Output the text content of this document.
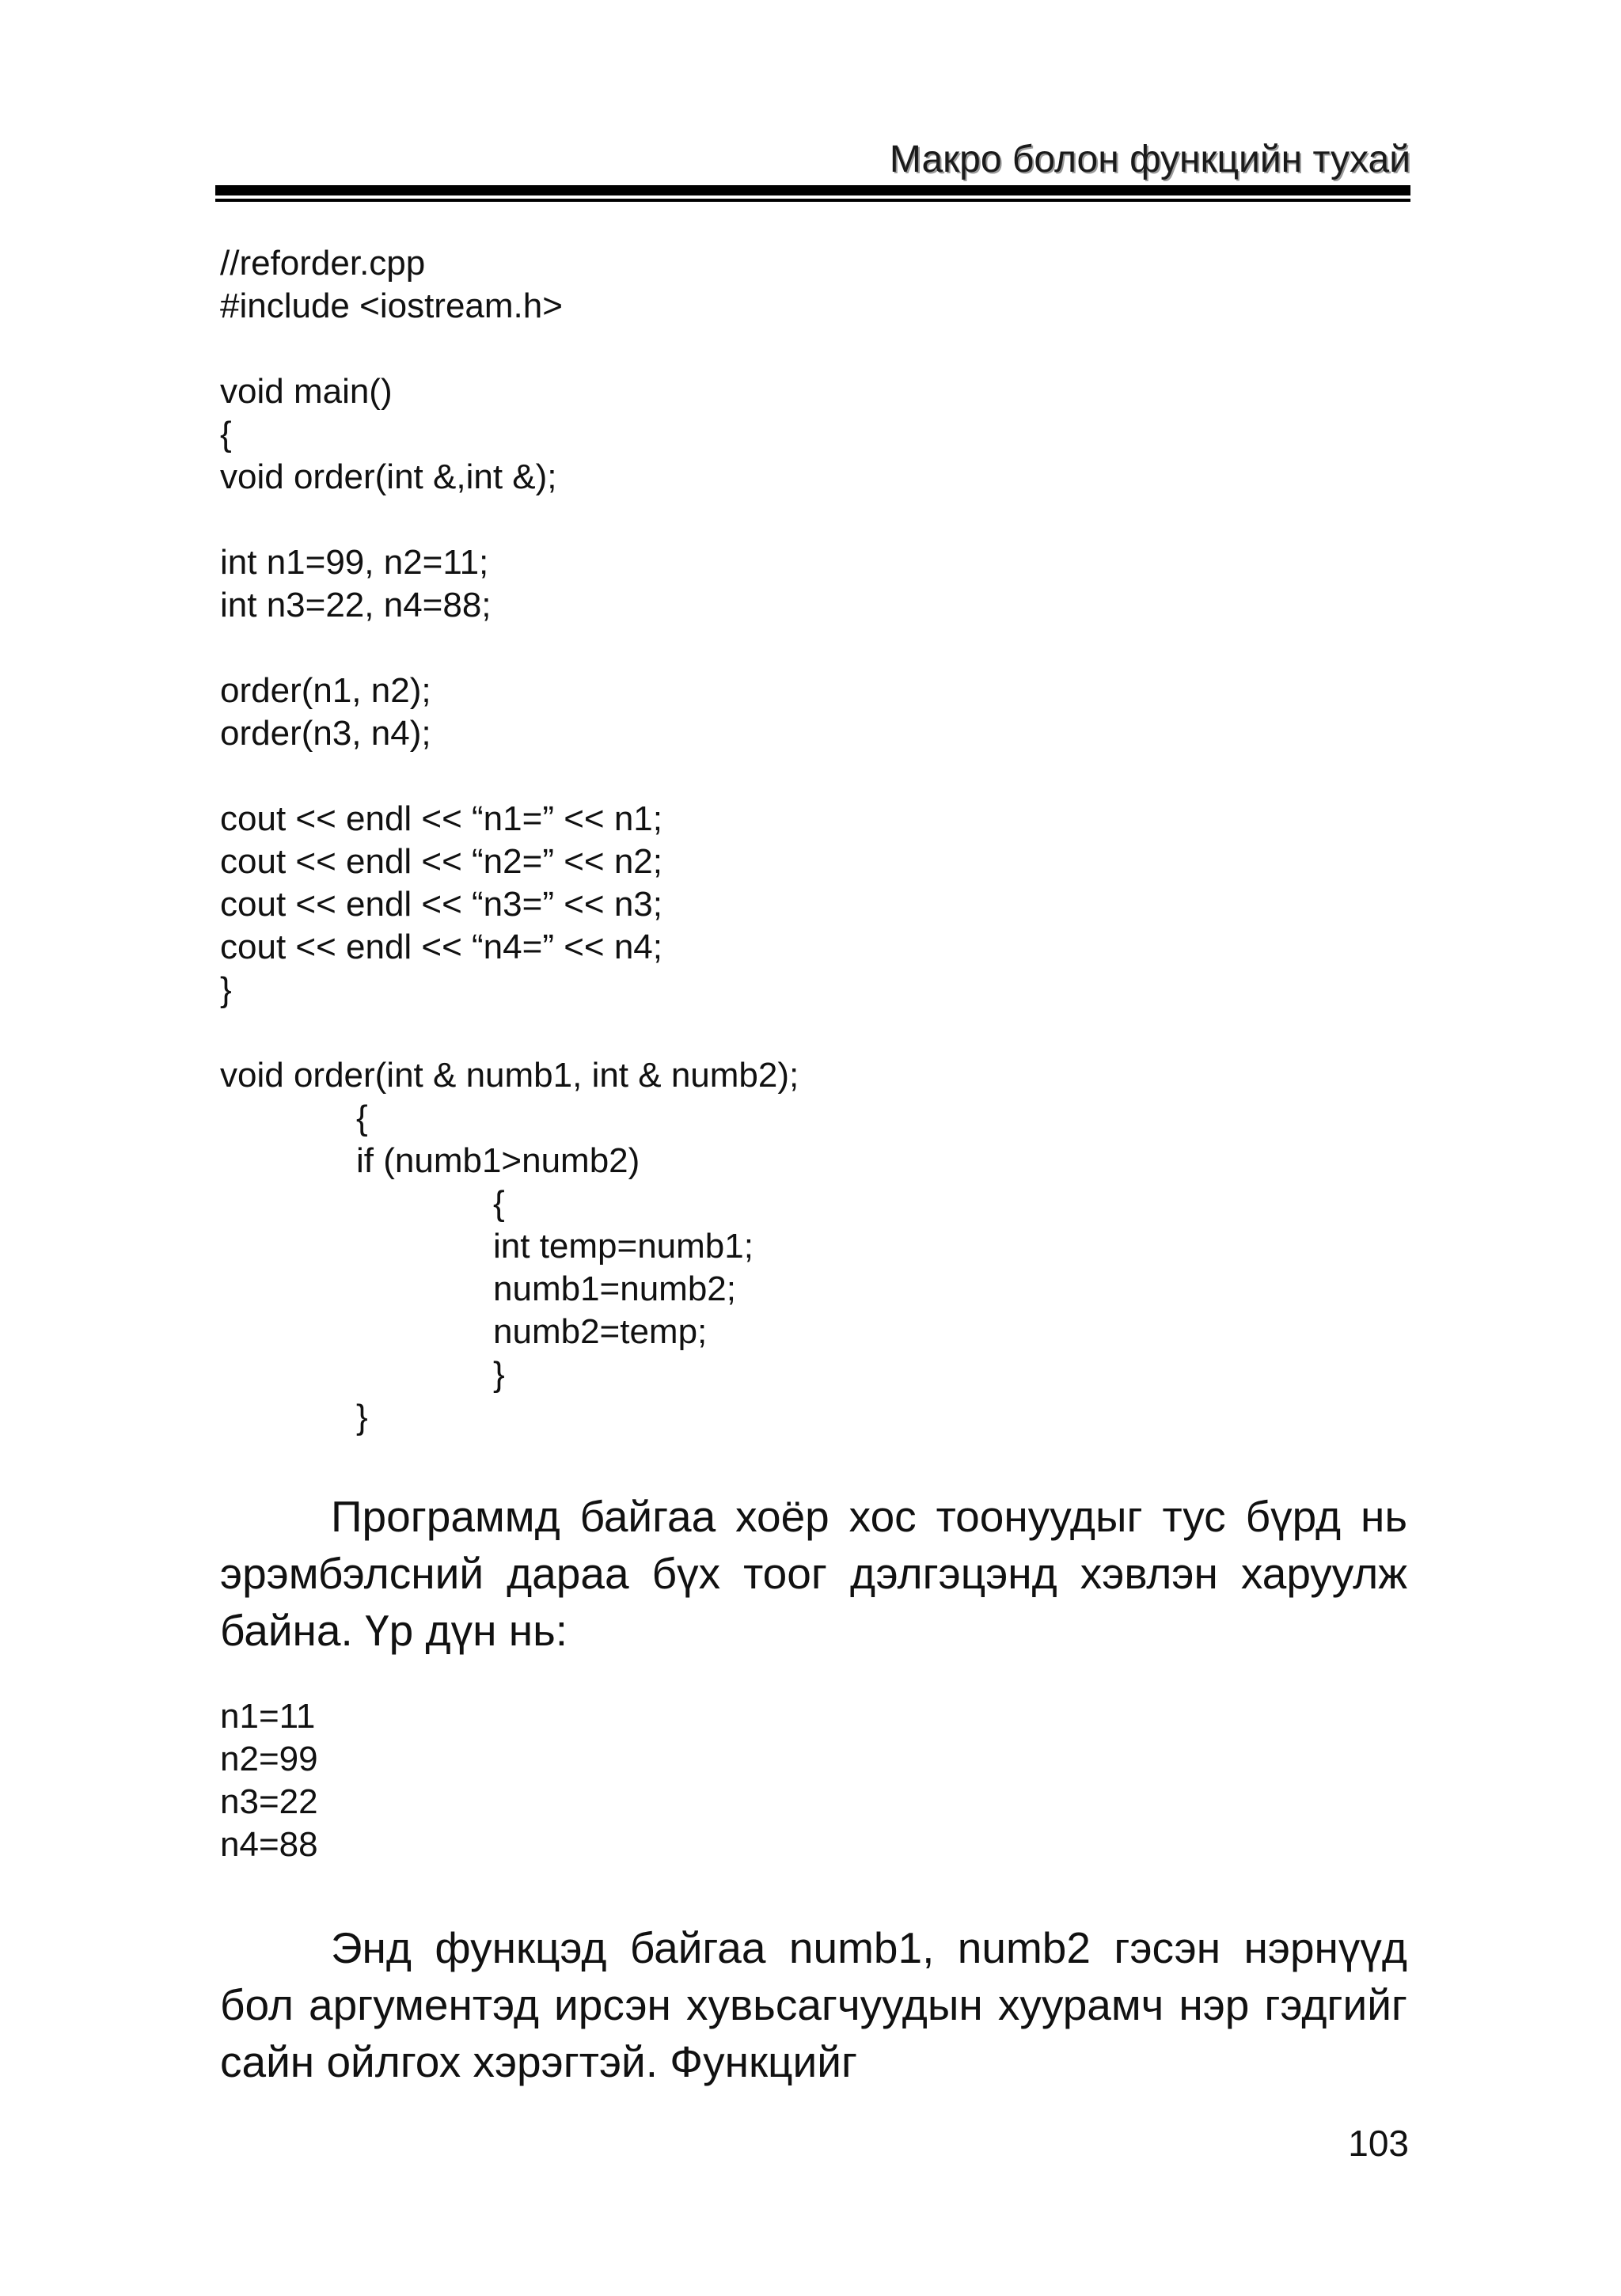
Макро болон функцийн тухай
//reforder.cpp
#include <iostream.h>
void main()
{
void order(int &,int &);
int n1=99, n2=11;
int n3=22, n4=88;
order(n1, n2);
order(n3, n4);
cout << endl << “n1=” << n1;
cout << endl << “n2=” << n2;
cout << endl << “n3=” << n3;
cout << endl << “n4=” << n4;
}
void order(int & numb1, int & numb2);
{
if (numb1>numb2)
{
int temp=numb1;
numb1=numb2;
numb2=temp;
}
}

Программд байгаа хоёр хос тоонуудыг тус бүрд нь эрэмбэлсний дараа бүх тоог дэлгэцэнд хэвлэн харуулж байна. Үр дүн нь:

n1=11
n2=99
n3=22
n4=88

Энд функцэд байгаа numb1, numb2 гэсэн нэрнүүд бол аргументэд ирсэн хувьсагчуудын хуурамч нэр гэдгийг сайн ойлгох хэрэгтэй. Функцийг

103
